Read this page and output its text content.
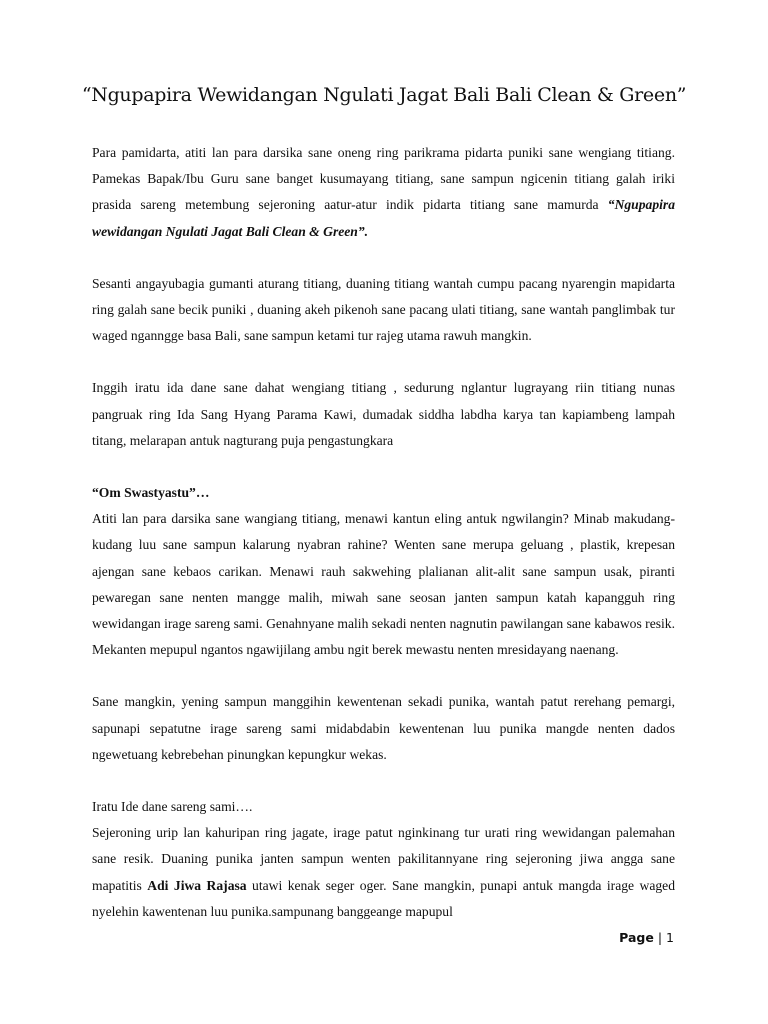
“Ngupapira Wewidangan Ngulati Jagat Bali Bali Clean & Green”

Para pamidarta, atiti lan para darsika sane oneng ring parikrama pidarta puniki sane wengiang titiang. Pamekas Bapak/Ibu Guru sane banget kusumayang titiang, sane sampun ngicenin titiang galah iriki prasida sareng metembung sejeroning aatur-atur indik pidarta titiang sane mamurda “Ngupapira wewidangan Ngulati Jagat Bali Clean & Green”.

Sesanti angayubagia gumanti aturang titiang, duaning titiang wantah cumpu pacang nyarengin mapidarta ring galah sane becik puniki , duaning akeh pikenoh sane pacang ulati titiang, sane wantah panglimbak tur waged nganngge basa Bali, sane sampun ketami tur rajeg utama rawuh mangkin.

Inggih iratu ida dane sane dahat wengiang titiang , sedurung nglantur lugrayang riin titiang nunas pangruak ring Ida Sang Hyang Parama Kawi, dumadak siddha labdha karya tan kapiambeng lampah titang, melarapan antuk nagturang puja pengastungkara

“Om Swastyastu”…

Atiti lan para darsika sane wangiang titiang, menawi kantun eling antuk ngwilangin? Minab makudang-kudang luu sane sampun kalarung nyabran rahine? Wenten sane merupa geluang , plastik, krepesan ajengan sane kebaos carikan. Menawi rauh sakwehing plalianan alit-alit sane sampun usak, piranti pewaregan sane nenten mangge malih, miwah sane seosan janten sampun katah kapangguh ring wewidangan irage sareng sami. Genahnyane malih sekadi nenten nagnutin pawilangan sane kabawos resik. Mekanten mepupul ngantos ngawijilang ambu ngit berek mewastu nenten mresidayang naenang.

Sane mangkin, yening sampun manggihin kewentenan sekadi punika, wantah patut rerehang pemargi, sapunapi sepatutne irage sareng sami midabdabin kewentenan luu punika mangde nenten dados ngewetuang kebrebehan pinungkan kepungkur wekas.

Iratu Ide dane sareng sami….

Sejeroning urip lan kahuripan ring jagate, irage patut nginkinang tur urati ring wewidangan palemahan sane resik. Duaning punika janten sampun wenten pakilitannyane ring sejeroning jiwa angga sane mapatitis Adi Jiwa Rajasa utawi kenak seger oger. Sane mangkin, punapi antuk mangda irage waged nyelehin kawentenan luu punika.sampunang banggeange mapupul

Page | 1
